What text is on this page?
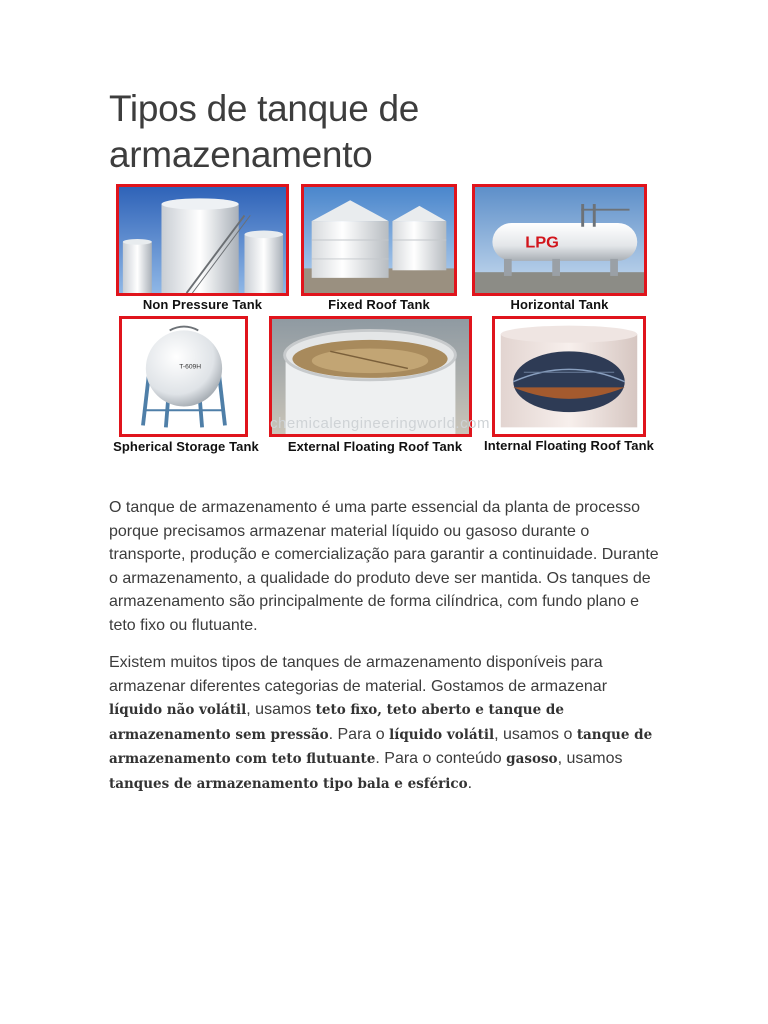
Tipos de tanque de armazenamento
Non Pressure Tank	Fixed Roof Tank
LPG
Horizontal Tank
T-609H
Spherical Storage Tank	External Floating Roof Tank	Internal Floating Roof Tank
chemicalengineeringworld.com

O tanque de armazenamento é uma parte essencial da planta de processo porque precisamos armazenar material líquido ou gasoso durante o transporte, produção e comercialização para garantir a continuidade. Durante o armazenamento, a qualidade do produto deve ser mantida. Os tanques de armazenamento são principalmente de forma cilíndrica, com fundo plano e teto fixo ou flutuante.

Existem muitos tipos de tanques de armazenamento disponíveis para armazenar diferentes categorias de material. Gostamos de armazenar líquido não volátil, usamos teto fixo, teto aberto e tanque de armazenamento sem pressão. Para o líquido volátil, usamos o tanque de armazenamento com teto flutuante. Para o conteúdo gasoso, usamos tanques de armazenamento tipo bala e esférico.
